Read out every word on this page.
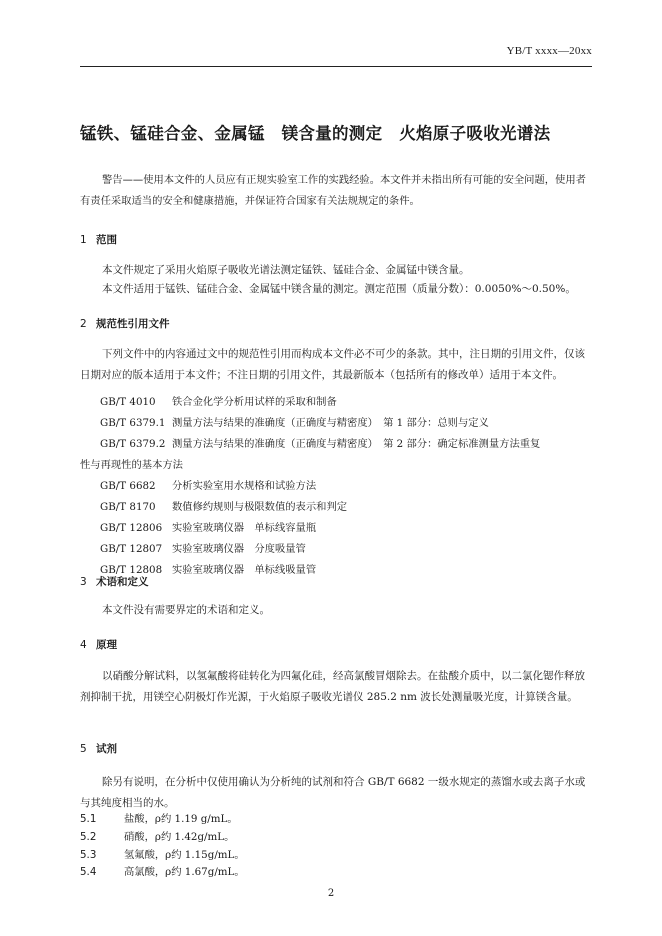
YB/T xxxx—20xx
锰铁、锰硅合金、金属锰　镁含量的测定　火焰原子吸收光谱法
警告——使用本文件的人员应有正规实验室工作的实践经验。本文件并未指出所有可能的安全问题，使用者有责任采取适当的安全和健康措施，并保证符合国家有关法规规定的条件。
1 范围
本文件规定了采用火焰原子吸收光谱法测定锰铁、锰硅合金、金属锰中镁含量。
本文件适用于锰铁、锰硅合金、金属锰中镁含量的测定。测定范围（质量分数）：0.0050%～0.50%。
2 规范性引用文件
下列文件中的内容通过文中的规范性引用而构成本文件必不可少的条款。其中，注日期的引用文件，仅该日期对应的版本适用于本文件；不注日期的引用文件，其最新版本（包括所有的修改单）适用于本文件。
GB/T 4010 铁合金化学分析用试样的采取和制备
GB/T 6379.1 测量方法与结果的准确度（正确度与精密度）　第 1 部分：总则与定义
GB/T 6379.2 测量方法与结果的准确度（正确度与精密度）　第 2 部分：确定标准测量方法重复
性与再现性的基本方法
GB/T 6682 分析实验室用水规格和试验方法
GB/T 8170 数值修约规则与极限数值的表示和判定
GB/T 12806 实验室玻璃仪器　单标线容量瓶
GB/T 12807 实验室玻璃仪器　分度吸量管
GB/T 12808 实验室玻璃仪器　单标线吸量管
3 术语和定义
本文件没有需要界定的术语和定义。
4 原理
以硝酸分解试料，以氢氟酸将硅转化为四氟化硅，经高氯酸冒烟除去。在盐酸介质中，以二氯化锶作释放剂抑制干扰，用镁空心阴极灯作光源，于火焰原子吸收光谱仪 285.2 nm 波长处测量吸光度，计算镁含量。
5 试剂
除另有说明，在分析中仅使用确认为分析纯的试剂和符合 GB/T 6682 一级水规定的蒸馏水或去离子水或与其纯度相当的水。
5.1	盐酸，ρ约 1.19 g/mL。
5.2	硝酸，ρ约 1.42g/mL。
5.3	氢氟酸，ρ约 1.15g/mL。
5.4	高氯酸，ρ约 1.67g/mL。
2
